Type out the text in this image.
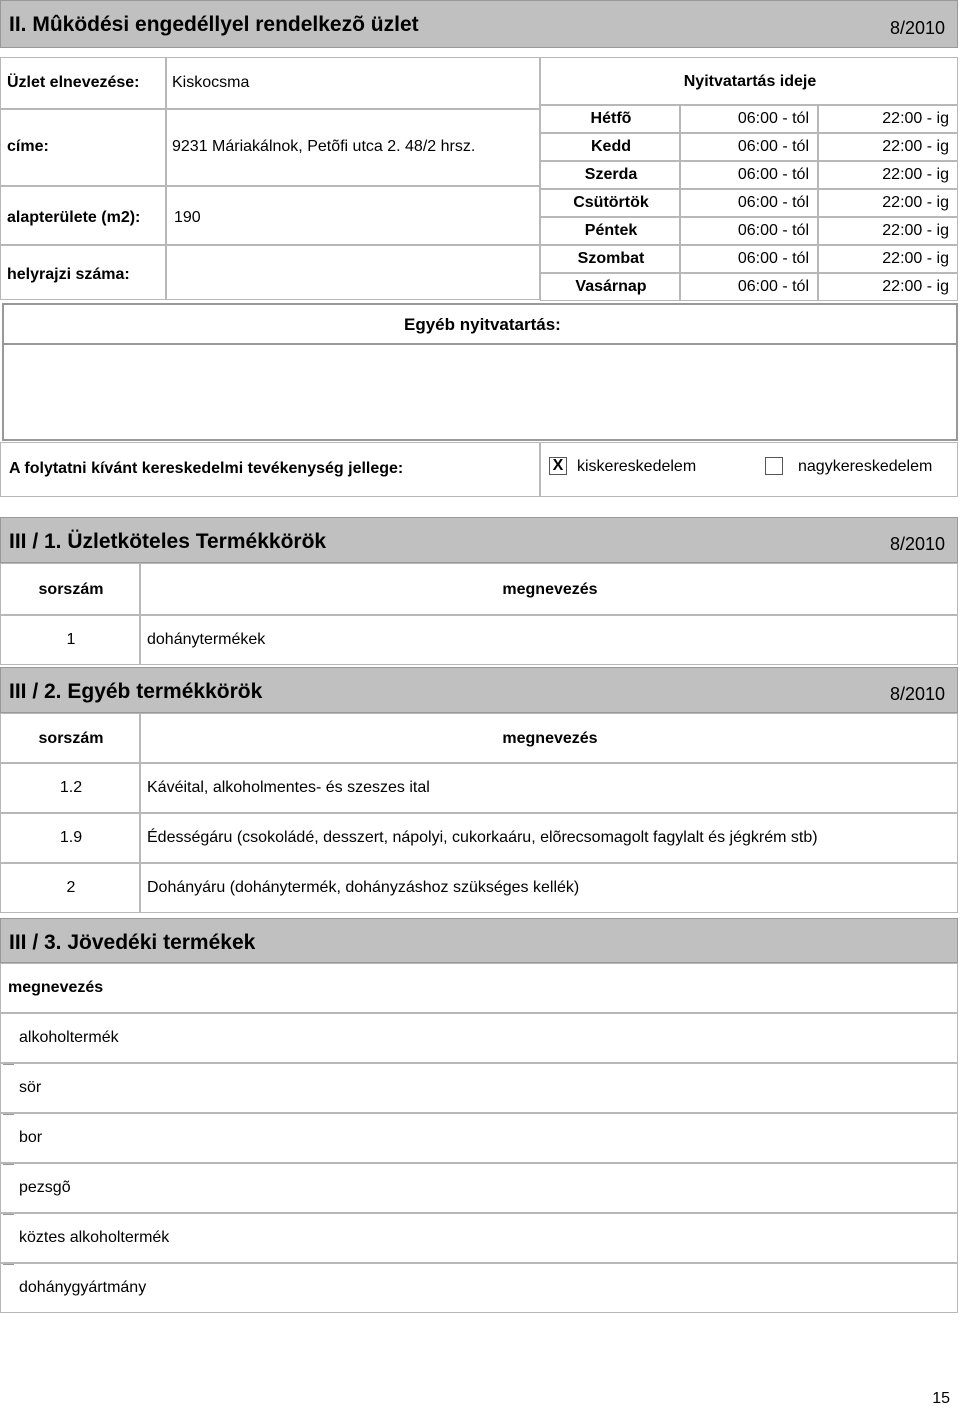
II. Mûködési engedéllyel rendelkezõ üzlet	8/2010
Üzlet elnevezése: Kiskocsma
címe:	9231 Máriakálnok, Petõfi utca 2. 48/2 hrsz.
alapterülete (m2): 190
helyrajzi száma:
Nyitvatartás ideje
Hétfõ	06:00 - tól	22:00 - ig
Kedd	06:00 - tól	22:00 - ig
Szerda	06:00 - tól	22:00 - ig
Csütörtök	06:00 - tól	22:00 - ig
Péntek	06:00 - tól	22:00 - ig
Szombat	06:00 - tól	22:00 - ig
Vasárnap	06:00 - tól	22:00 - ig
Egyéb nyitvatartás:
A folytatni kívánt kereskedelmi tevékenység jellege:	X kiskereskedelem	nagykereskedelem
III / 1. Üzletköteles Termékkörök	8/2010
sorszám	megnevezés
1	dohánytermékek
III / 2. Egyéb termékkörök	8/2010
sorszám	megnevezés
1.2	Kávéital, alkoholmentes- és szeszes ital
1.9	Édességáru (csokoládé, desszert, nápolyi, cukorkaáru, elõrecsomagolt fagylalt és jégkrém stb)
2	Dohányáru (dohánytermék, dohányzáshoz szükséges kellék)
III / 3. Jövedéki termékek
megnevezés
alkoholtermék
sör
bor
pezsgõ
köztes alkoholtermék
dohánygyártmány
15
